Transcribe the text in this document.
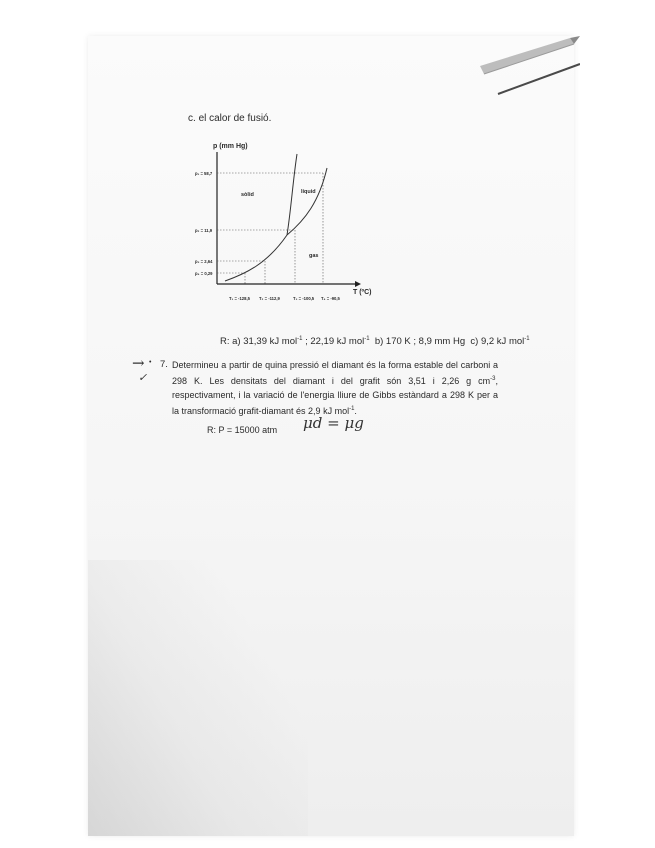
c. el calor de fusió.
p (mm Hg)
T (ºC)
sòlid	líquid
gas
p₁ = 58,7
p₂ = 11,9
p₃ = 2,64
p₄ = 0,29
T₁ = -128,5 T₂ = -112,9	T₃ = -100,5 T₄ = -90,5
R: a) 31,39 kJ mol$^{-1}$ ; 22,19 kJ mol$^{-1}$  b) 170 K ; 8,9 mm Hg  c) 9,2 kJ mol$^{-1}$
→
✓
• 7. Determineu a partir de quina pressió el diamant és la forma estable del carboni a 298 K. Les densitats del diamant i del grafit són 3,51 i 2,26 g $cm^{-3}$, respectivament, i la variació de l'energia lliure de Gibbs estàndard a 298 K per a la transformació grafit-diamant és 2,9 kJ mol$^{-1}$.
R: P = 15000 atm μd = μg
